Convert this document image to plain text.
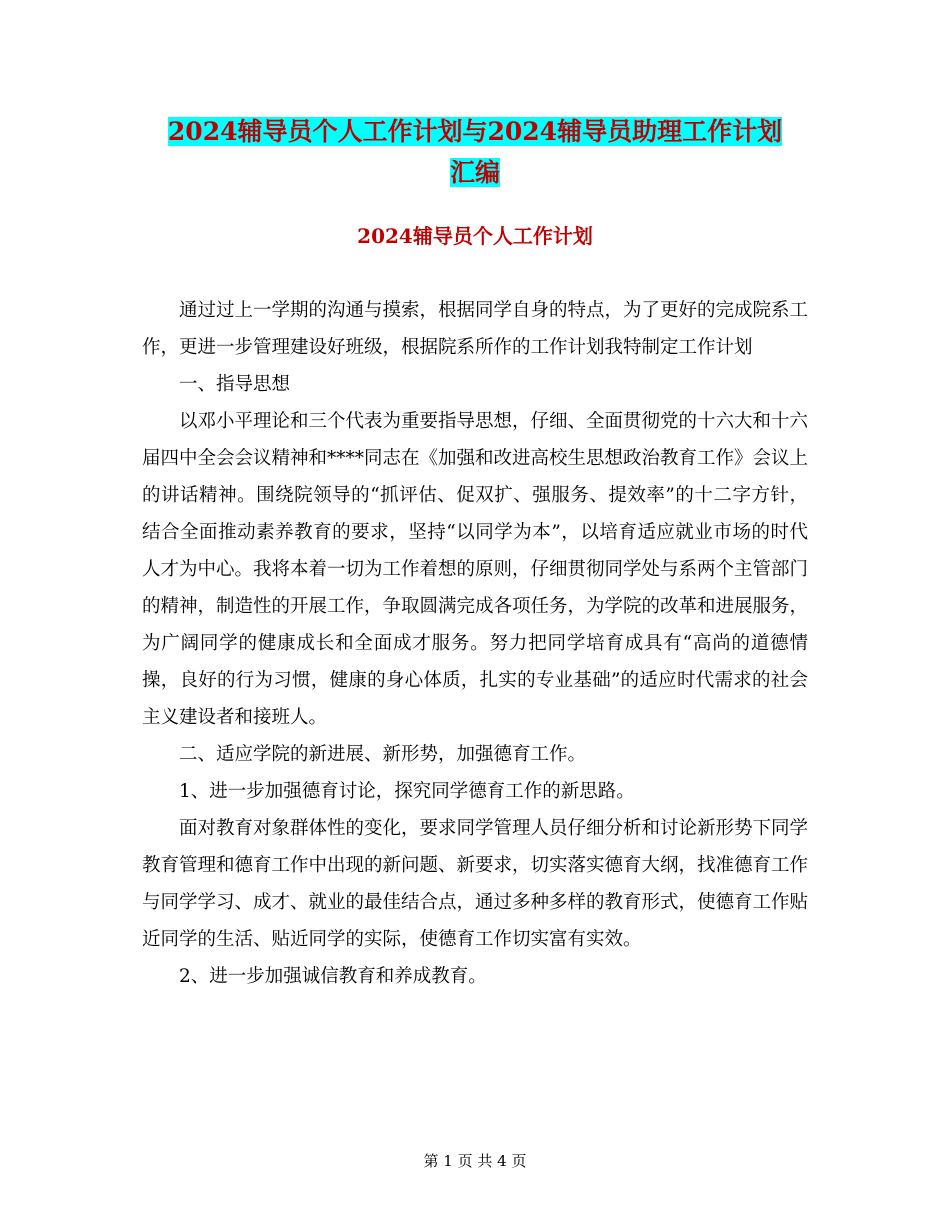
2024辅导员个人工作计划与2024辅导员助理工作计划
汇编
2024辅导员个人工作计划

通过过上一学期的沟通与摸索，根据同学自身的特点，为了更好的完成院系工作，更进一步管理建设好班级，根据院系所作的工作计划我特制定工作计划

一、指导思想

以邓小平理论和三个代表为重要指导思想，仔细、全面贯彻党的十六大和十六届四中全会会议精神和****同志在《加强和改进高校生思想政治教育工作》会议上的讲话精神。围绕院领导的“抓评估、促双扩、强服务、提效率”的十二字方针，结合全面推动素养教育的要求，坚持“以同学为本”，以培育适应就业市场的时代人才为中心。我将本着一切为工作着想的原则，仔细贯彻同学处与系两个主管部门的精神，制造性的开展工作，争取圆满完成各项任务，为学院的改革和进展服务，为广阔同学的健康成长和全面成才服务。努力把同学培育成具有“高尚的道德情操，良好的行为习惯，健康的身心体质，扎实的专业基础”的适应时代需求的社会主义建设者和接班人。

二、适应学院的新进展、新形势，加强德育工作。

1、进一步加强德育讨论，探究同学德育工作的新思路。

面对教育对象群体性的变化，要求同学管理人员仔细分析和讨论新形势下同学教育管理和德育工作中出现的新问题、新要求，切实落实德育大纲，找准德育工作与同学学习、成才、就业的最佳结合点，通过多种多样的教育形式，使德育工作贴近同学的生活、贴近同学的实际，使德育工作切实富有实效。

2、进一步加强诚信教育和养成教育。

第 1 页 共 4 页
